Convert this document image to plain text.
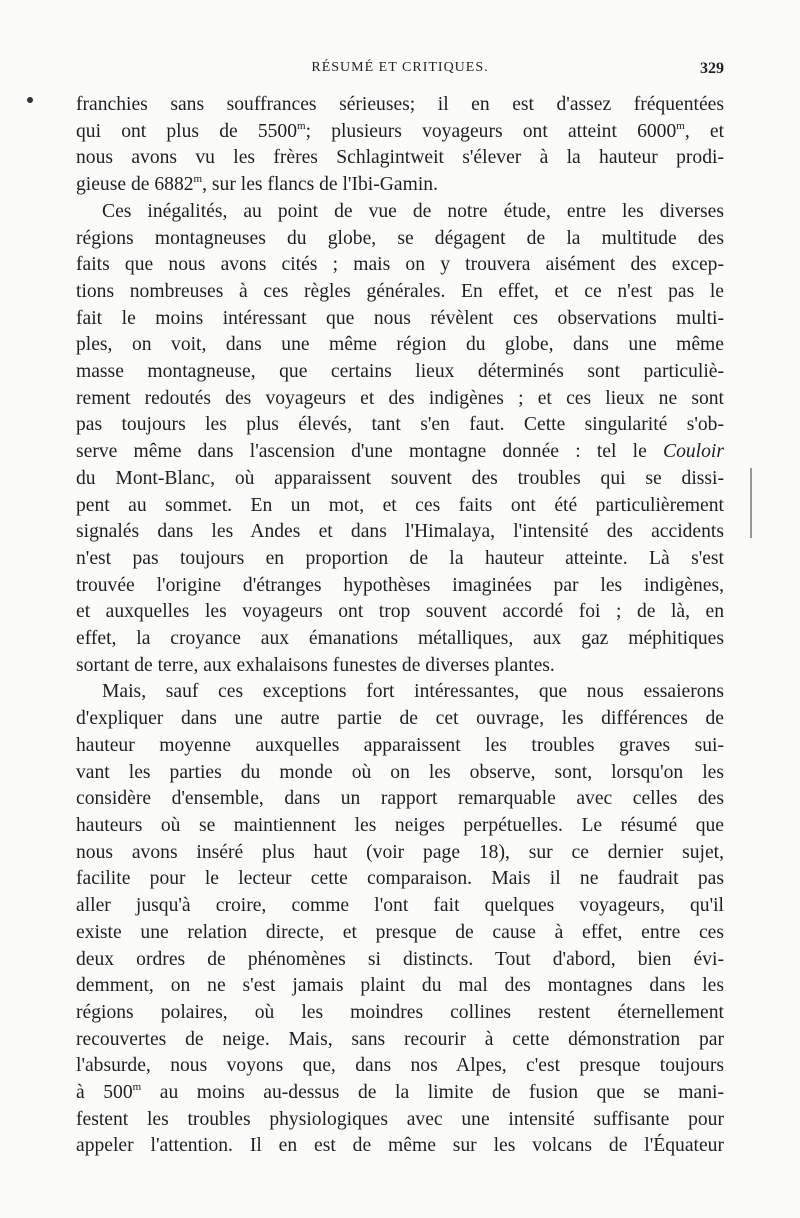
RÉSUMÉ ET CRITIQUES.	329
franchies sans souffrances sérieuses; il en est d'assez fréquentées
qui ont plus de 5500$^m$; plusieurs voyageurs ont atteint 6000$^m$, et
nous avons vu les frères Schlagintweit s'élever à la hauteur prodi-
gieuse de 6882$^m$, sur les flancs de l'Ibi-Gamin.
Ces inégalités, au point de vue de notre étude, entre les diverses
régions montagneuses du globe, se dégagent de la multitude des
faits que nous avons cités ; mais on y trouvera aisément des excep-
tions nombreuses à ces règles générales. En effet, et ce n'est pas le
fait le moins intéressant que nous révèlent ces observations multi-
ples, on voit, dans une même région du globe, dans une même
masse montagneuse, que certains lieux déterminés sont particuliè-
rement redoutés des voyageurs et des indigènes ; et ces lieux ne sont
pas toujours les plus élevés, tant s'en faut. Cette singularité s'ob-
serve même dans l'ascension d'une montagne donnée : tel le Couloir
du Mont-Blanc, où apparaissent souvent des troubles qui se dissi-
pent au sommet. En un mot, et ces faits ont été particulièrement
signalés dans les Andes et dans l'Himalaya, l'intensité des accidents
n'est pas toujours en proportion de la hauteur atteinte. Là s'est
trouvée l'origine d'étranges hypothèses imaginées par les indigènes,
et auxquelles les voyageurs ont trop souvent accordé foi ; de là, en
effet, la croyance aux émanations métalliques, aux gaz méphitiques
sortant de terre, aux exhalaisons funestes de diverses plantes.
Mais, sauf ces exceptions fort intéressantes, que nous essaierons
d'expliquer dans une autre partie de cet ouvrage, les différences de
hauteur moyenne auxquelles apparaissent les troubles graves sui-
vant les parties du monde où on les observe, sont, lorsqu'on les
considère d'ensemble, dans un rapport remarquable avec celles des
hauteurs où se maintiennent les neiges perpétuelles. Le résumé que
nous avons inséré plus haut (voir page 18), sur ce dernier sujet,
facilite pour le lecteur cette comparaison. Mais il ne faudrait pas
aller jusqu'à croire, comme l'ont fait quelques voyageurs, qu'il
existe une relation directe, et presque de cause à effet, entre ces
deux ordres de phénomènes si distincts. Tout d'abord, bien évi-
demment, on ne s'est jamais plaint du mal des montagnes dans les
régions polaires, où les moindres collines restent éternellement
recouvertes de neige. Mais, sans recourir à cette démonstration par
l'absurde, nous voyons que, dans nos Alpes, c'est presque toujours
à 500$^m$ au moins au-dessus de la limite de fusion que se mani-
festent les troubles physiologiques avec une intensité suffisante pour
appeler l'attention. Il en est de même sur les volcans de l'Équateur
